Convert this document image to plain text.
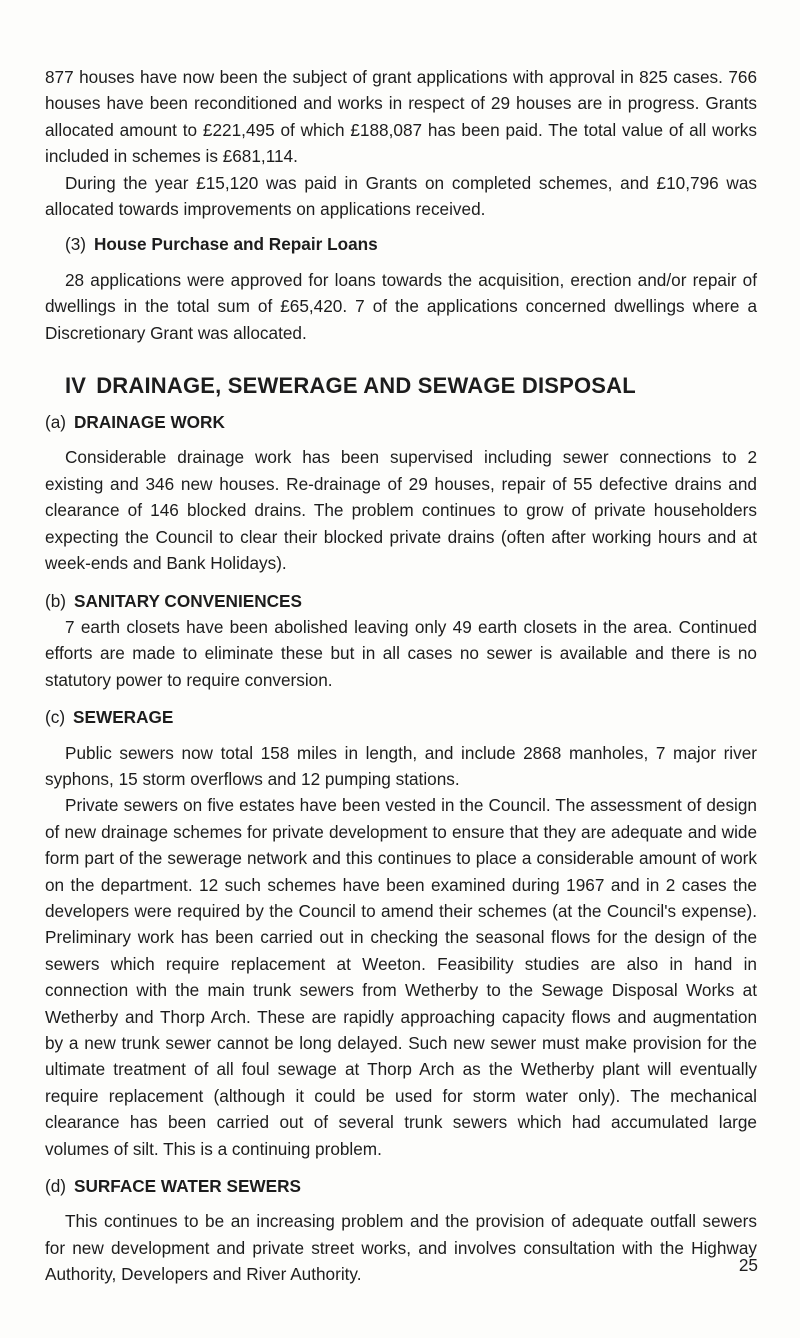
877 houses have now been the subject of grant applications with approval in 825 cases. 766 houses have been reconditioned and works in respect of 29 houses are in progress. Grants allocated amount to £221,495 of which £188,087 has been paid. The total value of all works included in schemes is £681,114.

During the year £15,120 was paid in Grants on completed schemes, and £10,796 was allocated towards improvements on applications received.

(3) House Purchase and Repair Loans

28 applications were approved for loans towards the acquisition, erection and/or repair of dwellings in the total sum of £65,420. 7 of the applications concerned dwellings where a Discretionary Grant was allocated.

IV DRAINAGE, SEWERAGE AND SEWAGE DISPOSAL
(a) DRAINAGE WORK

Considerable drainage work has been supervised including sewer connections to 2 existing and 346 new houses. Re-drainage of 29 houses, repair of 55 defective drains and clearance of 146 blocked drains. The problem continues to grow of private householders expecting the Council to clear their blocked private drains (often after working hours and at week-ends and Bank Holidays).

(b) SANITARY CONVENIENCES

7 earth closets have been abolished leaving only 49 earth closets in the area. Continued efforts are made to eliminate these but in all cases no sewer is available and there is no statutory power to require conversion.

(c) SEWERAGE

Public sewers now total 158 miles in length, and include 2868 manholes, 7 major river syphons, 15 storm overflows and 12 pumping stations.

Private sewers on five estates have been vested in the Council. The assessment of design of new drainage schemes for private development to ensure that they are adequate and wide form part of the sewerage network and this continues to place a considerable amount of work on the department. 12 such schemes have been examined during 1967 and in 2 cases the developers were required by the Council to amend their schemes (at the Council's expense). Preliminary work has been carried out in checking the seasonal flows for the design of the sewers which require replacement at Weeton. Feasibility studies are also in hand in connection with the main trunk sewers from Wetherby to the Sewage Disposal Works at Wetherby and Thorp Arch. These are rapidly approaching capacity flows and augmentation by a new trunk sewer cannot be long delayed. Such new sewer must make provision for the ultimate treatment of all foul sewage at Thorp Arch as the Wetherby plant will eventually require replacement (although it could be used for storm water only). The mechanical clearance has been carried out of several trunk sewers which had accumulated large volumes of silt. This is a continuing problem.

(d) SURFACE WATER SEWERS

This continues to be an increasing problem and the provision of adequate outfall sewers for new development and private street works, and involves consultation with the Highway Authority, Developers and River Authority.	25
